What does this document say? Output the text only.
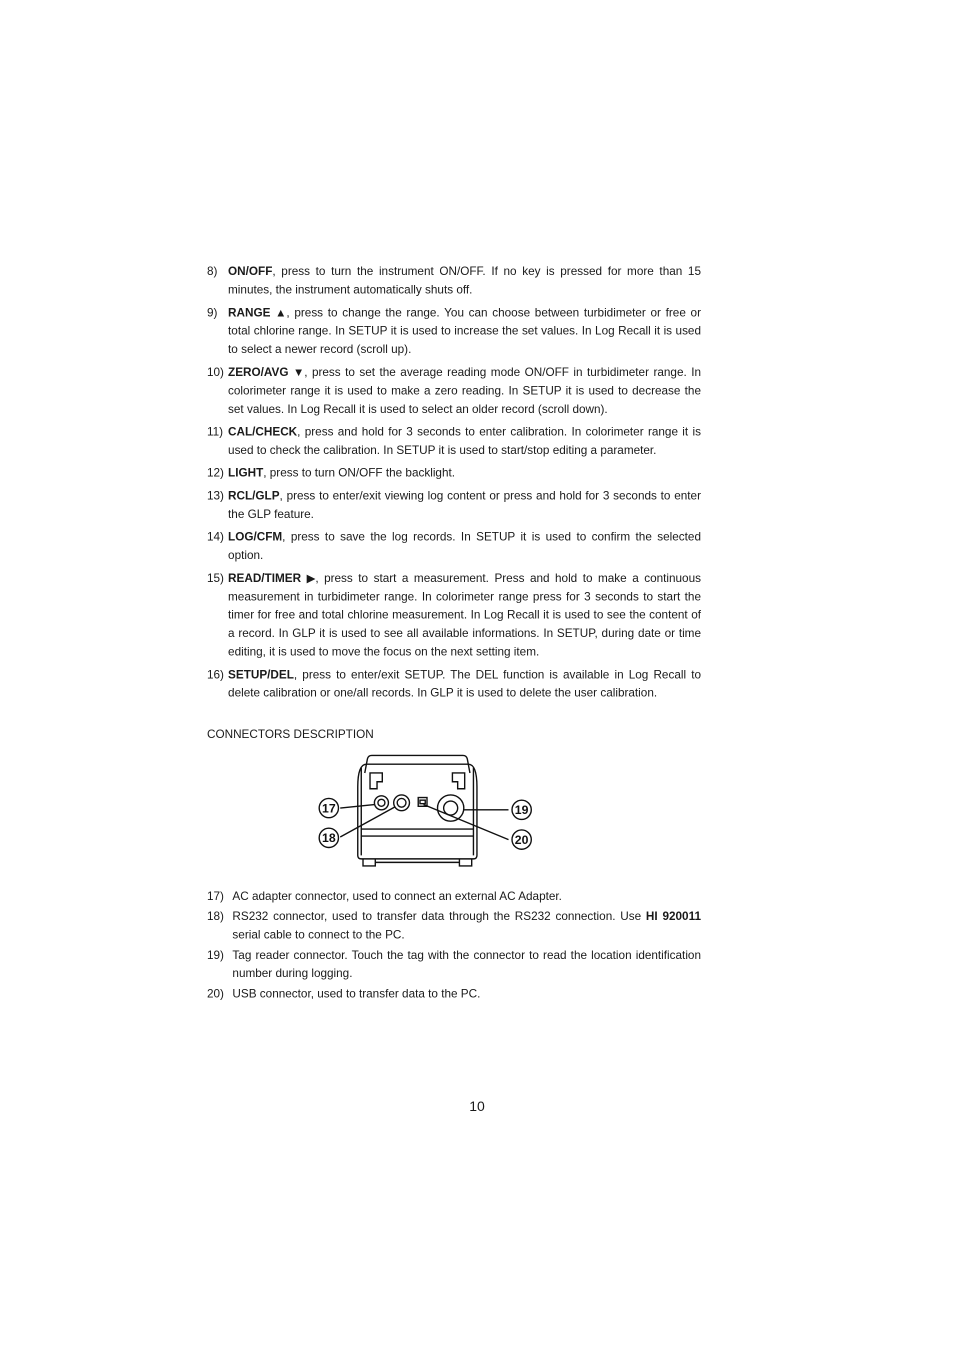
8) ON/OFF, press to turn the instrument ON/OFF. If no key is pressed for more than 15 minutes, the instrument automatically shuts off.
9) RANGE ▲, press to change the range. You can choose between turbidimeter or free or total chlorine range. In SETUP it is used to increase the set values. In Log Recall it is used to select a newer record (scroll up).
10) ZERO/AVG ▼, press to set the average reading mode ON/OFF in turbidimeter range. In colorimeter range it is used to make a zero reading. In SETUP it is used to decrease the set values. In Log Recall it is used to select an older record (scroll down).
11) CAL/CHECK, press and hold for 3 seconds to enter calibration. In colorimeter range it is used to check the calibration. In SETUP it is used to start/stop editing a parameter.
12) LIGHT, press to turn ON/OFF the backlight.
13) RCL/GLP, press to enter/exit viewing log content or press and hold for 3 seconds to enter the GLP feature.
14) LOG/CFM, press to save the log records. In SETUP it is used to confirm the selected option.
15) READ/TIMER ▶, press to start a measurement. Press and hold to make a continuous measurement in turbidimeter range. In colorimeter range press for 3 seconds to start the timer for free and total chlorine measurement. In Log Recall it is used to see the content of a record. In GLP it is used to see all available informations. In SETUP, during date or time editing, it is used to move the focus on the next setting item.
16) SETUP/DEL, press to enter/exit SETUP. The DEL function is available in Log Recall to delete calibration or one/all records. In GLP it is used to delete the user calibration.
CONNECTORS DESCRIPTION
17
18
19
20
17) AC adapter connector, used to connect an external AC Adapter.
18) RS232 connector, used to transfer data through the RS232 connection. Use HI 920011 serial cable to connect to the PC.
19) Tag reader connector. Touch the tag with the connector to read the location identification number during logging.
20) USB connector, used to transfer data to the PC.
10
